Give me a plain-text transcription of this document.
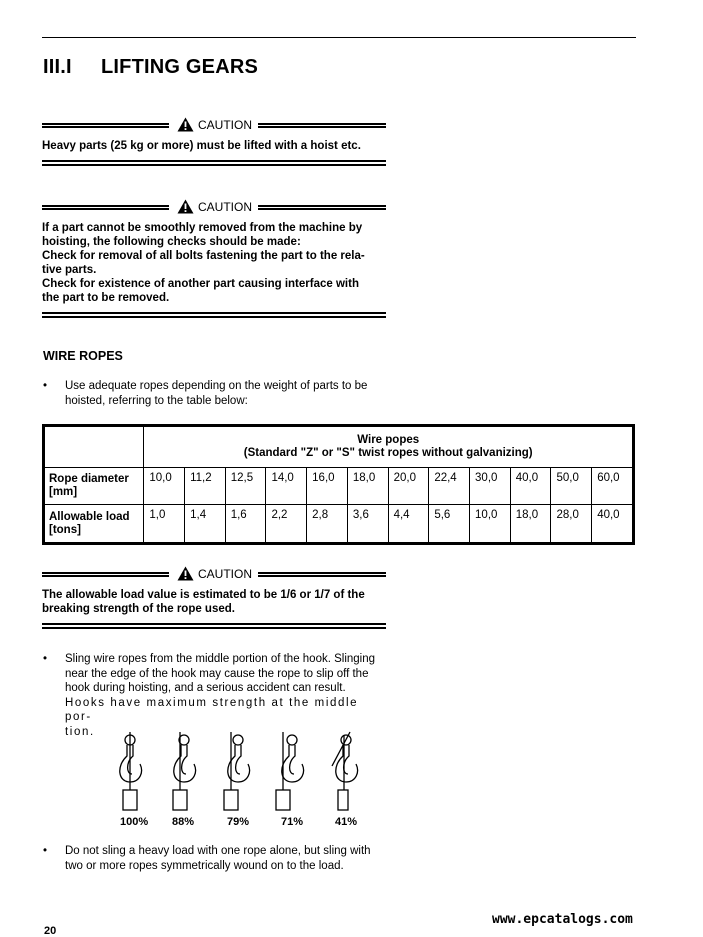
III.I LIFTING GEARS
CAUTION
Heavy parts (25 kg or more) must be lifted with a hoist etc.
CAUTION
If a part cannot be smoothly removed from the machine by
hoisting, the following checks should be made:
Check for removal of all bolts fastening the part to the rela-
tive parts.
Check for existence of another part causing interface with
the part to be removed.
WIRE ROPES
• Use adequate ropes depending on the weight of parts to be
hoisted, referring to the table below:

	Wire popes
(Standard "Z" or "S" twist ropes without galvanizing)											

Rope diameter
[mm]	10,0	11,2	12,5	14,0	16,0	18,0	20,0	22,4	30,0	40,0	50,0	60,0

Allowable load
[tons]	1,0	1,4	1,6	2,2	2,8	3,6	4,4	5,6	10,0	18,0	28,0	40,0
CAUTION
The allowable load value is estimated to be 1/6 or 1/7 of the
breaking strength of the rope used.
• Sling wire ropes from the middle portion of the hook. Slinging
near the edge of the hook may cause the rope to slip off the
hook during hoisting, and a serious accident can result.
Hooks have maximum strength at the middle por-
tion.
100% 88%	79%	71%	41%
• Do not sling a heavy load with one rope alone, but sling with
two or more ropes symmetrically wound on to the load.
20
www.epcatalogs.com
